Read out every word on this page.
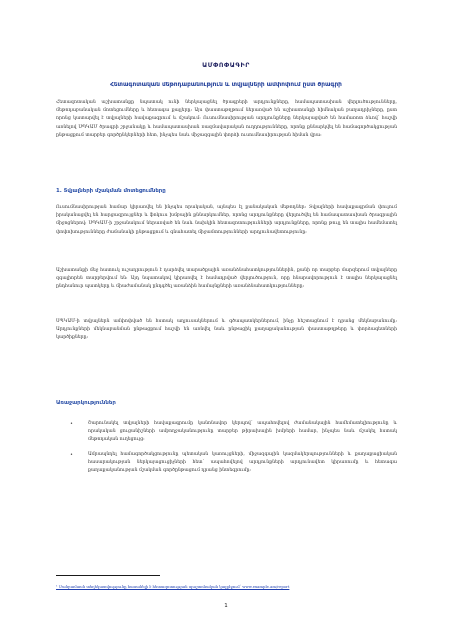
ԱՄՓՈՓԱԳԻՐ
Հետագոտական մեթոդաբանություն և տվյալների ամփոփում ըստ ծրագրի

Հետազոտական աշխատանքը նպատակ ունի ներկայացնել ծրագրերի արդյունքները, համապատասխան վերլուծությունները, մեթոդաբանական մոտեցումները և հետագա քայլերը: Այս փաստաթղթում ներառված են աշխատանքի հիմնական բաղադրիչները, ըստ որոնց կատարվել է տվյալների հավաքագրում և մշակում: Ուսումնասիրության արդյունքները ներկայացված են համառոտ ձևով՝ հաշվի առնելով ՍՊԿԱՄ ծրագրի շրջանակը և համապատասխան ռազմավարական ուղղությունները, որոնք քննարկվել են համագործակցության ընթացքում տարբեր գործընկերների հետ, ինչպես նաև միջազգային փորձի ուսումնասիրության հիման վրա:

1. Տվյալների մշակման մոտեցումները

Ուսումնասիրության համար կիրառվել են ինչպես որակական, այնպես էլ քանակական մեթոդներ: Տվյալների հավաքագրման փուլում իրականացվել են հարցազրույցներ և ֆոկուս խմբային քննարկումներ, որոնց արդյունքները վերլուծվել են համապատասխան ծրագրային միջոցներով: ՍՊԿԱՄ-ի շրջանակում ներառված են նաև նախկին հետազոտությունների արդյունքները, որոնք թույլ են տալիս համեմատել փոփոխությունները ժամանակի ընթացքում և գնահատել միջամտությունների արդյունավետությունը:

Աշխատանքի մեջ հատուկ ուշադրություն է դարձվել տարածքային առանձնահատկություններին, քանի որ տարբեր մարզերում տվյալները զգալիորեն տարբերվում են: Այդ նպատակով կիրառվել է համադրված վերլուծություն, որը հնարավորություն է տալիս ներկայացնել ընդհանուր պատկերը և միաժամանակ ընդգծել առանձին համայնքների առանձնահատկությունները:

ՍՊԿԱՄ-ի տվյալներն ամփոփված են հստակ աղյուսակներում և գծապատկերներում, ինչը հեշտացնում է դրանց մեկնաբանումը: Արդյունքների մեկնաբանման ընթացքում հաշվի են առնվել նաև ընթացիկ քաղաքականության փաստաթղթերը և փորձագետների կարծիքները:

Առաջարկություններ
•	Շարունակել տվյալների հավաքագրումը կանոնավոր կերպով՝ ապահովելով ժամանակային համեմատելիությունը և որակական ցուցանիշների ամբողջականությունը տարբեր թիրախային խմբերի համար, ինչպես նաև մշակել հստակ մեթոդական ուղեցույց:
•	Ամրապնդել համագործակցությունը պետական կառույցների, միջազգային կազմակերպությունների և քաղաքացիական հասարակության ներկայացուցիչների հետ՝ ապահովելով արդյունքների արդյունավետ կիրառումը և հետագա քաղաքականության մշակման գործընթացում դրանց ինտեգրումը:
¹ Մանրամասն տեղեկատվությունը հասանելի է հետազոտության պաշտոնական կայքէջում՝ www.example.am/report
1
